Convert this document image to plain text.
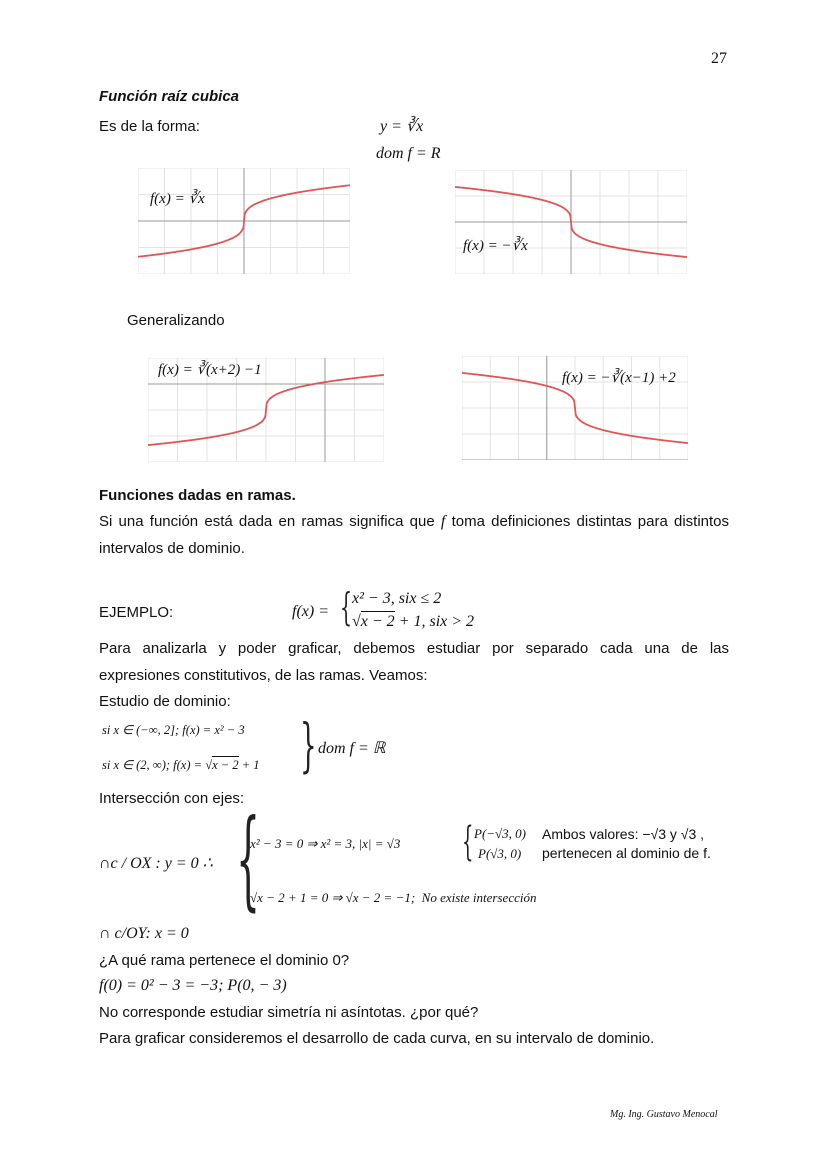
27
Función raíz cubica
Es de la forma:	y = ∛x
dom f = R
f(x) = ∛x
f(x) = −∛x
Generalizando
f(x) = ∛(x+2) −1	f(x) = −∛(x−1) +2
Funciones dadas en ramas.
Si una función está dada en ramas significa que f toma definiciones distintas para distintos
intervalos de dominio.
EJEMPLO:	f(x) = { x² − 3, six ≤ 2
√x − 2 + 1, six > 2
Para analizarla y poder graficar, debemos estudiar por separado cada una de las
expresiones constitutivos, de las ramas. Veamos:
Estudio de dominio:
si x ∈ (−∞, 2]; f(x) = x² − 3
si x ∈ (2, ∞); f(x) = √x − 2 + 1 } dom f = ℝ
Intersección con ejes:
∩c / OX : y = 0 ∴ {
x² − 3 = 0 ⇒ x² = 3, |x| = √3 { P(−√3, 0)
P(√3, 0)
Ambos valores: −√3 y √3 ,
pertenecen al dominio de f.
√x − 2 + 1 = 0 ⇒ √x − 2 = −1; No existe intersección
∩ c/OY: x = 0
¿A qué rama pertenece el dominio 0?
f(0) = 0² − 3 = −3; P(0, − 3)
No corresponde estudiar simetría ni asíntotas. ¿por qué?
Para graficar consideremos el desarrollo de cada curva, en su intervalo de dominio.
Mg. Ing. Gustavo Menocal
